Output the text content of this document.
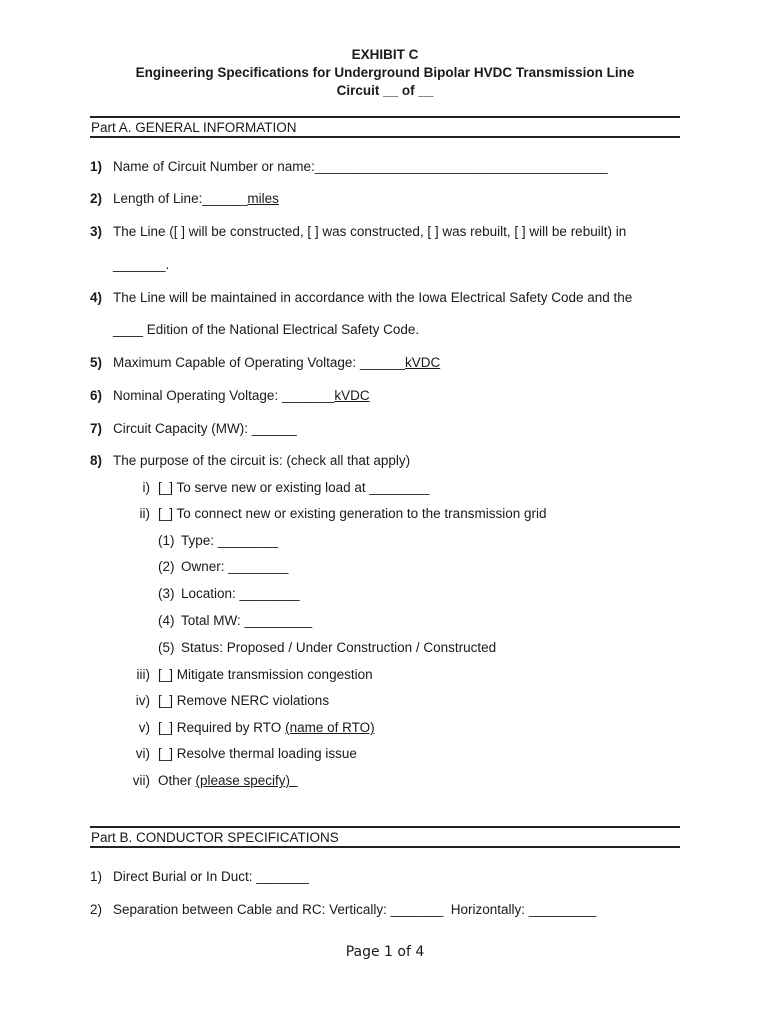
EXHIBIT C
Engineering Specifications for Underground Bipolar HVDC Transmission Line
Circuit __ of __
Part A. GENERAL INFORMATION
1) Name of Circuit Number or name:_______________________________________
2) Length of Line:______miles
3) The Line ([ ] will be constructed, [ ] was constructed, [ ] was rebuilt, [ ] will be rebuilt) in
_______.
4) The Line will be maintained in accordance with the Iowa Electrical Safety Code and the
____ Edition of the National Electrical Safety Code.
5) Maximum Capable of Operating Voltage: ______kVDC
6) Nominal Operating Voltage: _______kVDC
7) Circuit Capacity (MW): ______
8) The purpose of the circuit is: (check all that apply)
i) [_] To serve new or existing load at ________
ii) [_] To connect new or existing generation to the transmission grid
(1) Type: ________
(2) Owner: ________
(3) Location: ________
(4) Total MW: _________
(5) Status: Proposed / Under Construction / Constructed
iii) [_] Mitigate transmission congestion
iv) [_] Remove NERC violations
v) [_] Required by RTO (name of RTO)
vi) [_] Resolve thermal loading issue
vii) Other (please specify)
Part B. CONDUCTOR SPECIFICATIONS
1) Direct Burial or In Duct: _______
2) Separation between Cable and RC: Vertically: _______  Horizontally: _________
Page 1 of 4
